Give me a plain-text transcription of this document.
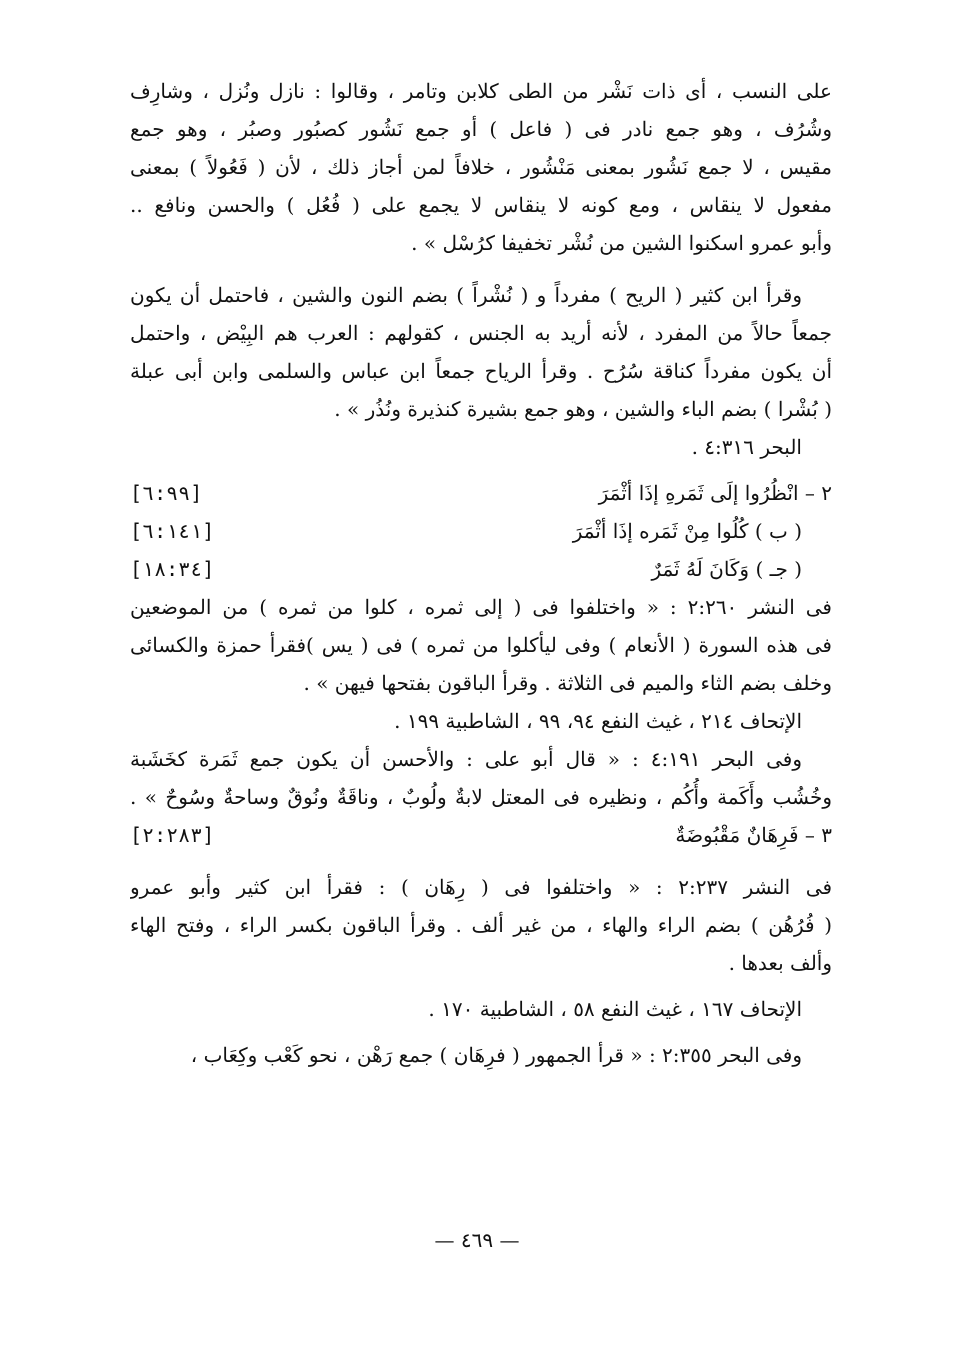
على النسب ، أى ذات نَشْر من الطى كلابن وتامر ، وقالوا : نازل ونُزل ، وشارِف
وشُرُف ، وهو جمع نادر فى ( فاعل ) أو جمع نَشُور كصبُور وصبُر ، وهو جمع
مقيس ، لا جمع نَشُور بمعنى مَنْشُور ، خلافاً لمن أجاز ذلك ، لأن ( فَعُولاً ) بمعنى
مفعول لا ينقاس ، ومع كونه لا ينقاس لا يجمع على ( فُعُل ) والحسن ونافع ..
وأبو عمرو اسكنوا الشين من نُشْر تخفيفا كرُسْل » .
وقرأ ابن كثير ( الريح ) مفرداً و ( نُشْراً ) بضم النون والشين ، فاحتمل أن يكون
جمعاً حالاً من المفرد ، لأنه أريد به الجنس ، كقولهم : العرب هم البِيْض ، واحتمل
أن يكون مفرداً كناقة سُرُح . وقرأ الرياح جمعاً ابن عباس والسلمى وابن أبى عبلة
( بُشْرا ) بضم الباء والشين ، وهو جمع بشيرة كنذيرة ونُذُر » .
البحر ٤:٣١٦ .
٢ – انْظُرُوا إلَى ثَمَرهِ إذَا أثْمَرَ
[٦:٩٩]
( ب ) كُلُوا مِنْ ثَمَره إذَا أثْمَرَ
[٦:١٤١]
( جـ ) وَكَانَ لَهُ ثَمَرٌ
[١٨:٣٤]
فى النشر ٢:٢٦٠ : « واختلفوا فى ( إلى ثمره ، كلوا من ثمره ) من الموضعين
فى هذه السورة ( الأنعام ) وفى ليأكلوا من ثمره ) فى ( يس )فقرأ حمزة والكسائى
وخلف بضم الثاء والميم فى الثلاثة . وقرأ الباقون بفتحها فيهن » .
الإتحاف ٢١٤ ، غيث النفع ٩٤، ٩٩ ، الشاطبية ١٩٩ .
وفى البحر ٤:١٩١ : « قال أبو على : والأحسن أن يكون جمع ثَمَرة كخَشَبة
وخُشُب وأَكَمة وأُكُم ، ونظيره فى المعتل لابةٌ ولُوبٌ ، وناقَةٌ ونُوقٌ وساحةٌ وسُوحٌ » .
٣ – فَرِهَانٌ مَقْبُوضَةٌ
[٢:٢٨٣]
فى النشر ٢:٢٣٧ : « واختلفوا فى ( رِهَان ) : فقرأ ابن كثير وأبو عمرو
( فُرُهُن ) بضم الراء والهاء ، من غير ألف . وقرأ الباقون بكسر الراء ، وفتح الهاء
وألف بعدها .
الإتحاف ١٦٧ ، غيث النفع ٥٨ ، الشاطبية ١٧٠ .
وفى البحر ٢:٣٥٥ : « قرأ الجمهور ( فرِهَان ) جمع رَهْن ، نحو كَعْب وكِعَاب ،
— ٤٦٩ —
